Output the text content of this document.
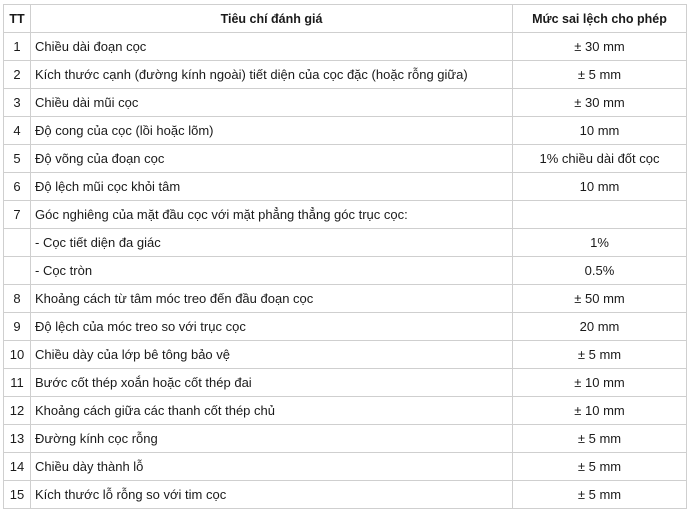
TT	Tiêu chí đánh giá	Mức sai lệch cho phép
1	Chiều dài đoạn cọc	± 30 mm
2	Kích thước cạnh (đường kính ngoài) tiết diện của cọc đặc (hoặc rỗng giữa)	± 5 mm
3	Chiều dài mũi cọc	± 30 mm
4	Độ cong của cọc (lồi hoặc lõm)	10 mm
5	Độ võng của đoạn cọc	1% chiều dài đốt cọc
6	Độ lệch mũi cọc khỏi tâm	10 mm
7	Góc nghiêng của mặt đầu cọc với mặt phẳng thẳng góc trục cọc:	
	- Cọc tiết diện đa giác	1%
	- Cọc tròn	0.5%
8	Khoảng cách từ tâm móc treo đến đầu đoạn cọc	± 50 mm
9	Độ lệch của móc treo so với trục cọc	20 mm
10	Chiều dày của lớp bê tông bảo vệ	± 5 mm
11	Bước cốt thép xoắn hoặc cốt thép đai	± 10 mm
12	Khoảng cách giữa các thanh cốt thép chủ	± 10 mm
13	Đường kính cọc rỗng	± 5 mm
14	Chiều dày thành lỗ	± 5 mm
15	Kích thước lỗ rỗng so với tim cọc	± 5 mm
